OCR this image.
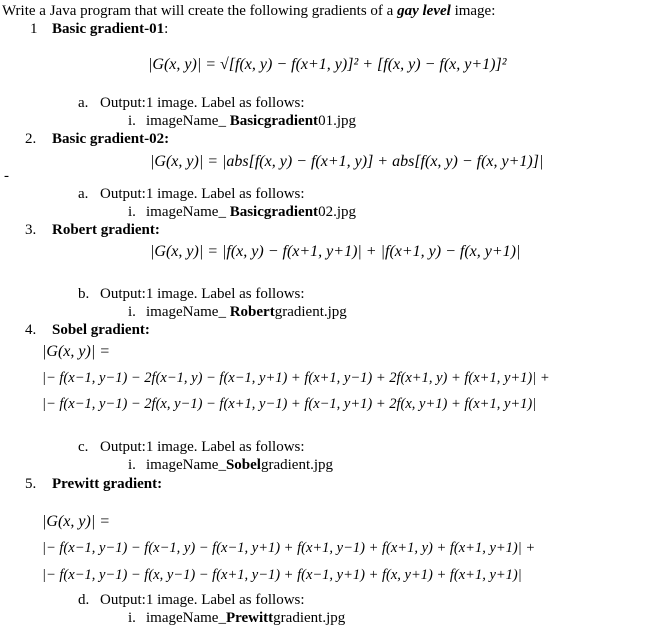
Write a Java program that will create the following gradients of a gay level image:
1 Basic gradient-01:
|G(x, y)| = √[f(x, y) − f(x+1, y)]² + [f(x, y) − f(x, y+1)]²
a. Output:1 image. Label as follows:
i. imageName_ Basicgradient01.jpg
2. Basic gradient-02:
|G(x, y)| = |abs[f(x, y) − f(x+1, y)] + abs[f(x, y) − f(x, y+1)]|
-
a. Output:1 image. Label as follows:
i. imageName_ Basicgradient02.jpg
3. Robert gradient:
|G(x, y)| = |f(x, y) − f(x+1, y+1)| + |f(x+1, y) − f(x, y+1)|
b. Output:1 image. Label as follows:
i. imageName_ Robertgradient.jpg
4. Sobel gradient:
|G(x, y)| =
|− f(x−1, y−1) − 2f(x−1, y) − f(x−1, y+1) + f(x+1, y−1) + 2f(x+1, y) + f(x+1, y+1)| +
|− f(x−1, y−1) − 2f(x, y−1) − f(x+1, y−1) + f(x−1, y+1) + 2f(x, y+1) + f(x+1, y+1)|
c. Output:1 image. Label as follows:
i. imageName_Sobelgradient.jpg
5. Prewitt gradient:
|G(x, y)| =
|− f(x−1, y−1) − f(x−1, y) − f(x−1, y+1) + f(x+1, y−1) + f(x+1, y) + f(x+1, y+1)| +
|− f(x−1, y−1) − f(x, y−1) − f(x+1, y−1) + f(x−1, y+1) + f(x, y+1) + f(x+1, y+1)|
d. Output:1 image. Label as follows:
i. imageName_Prewittgradient.jpg
